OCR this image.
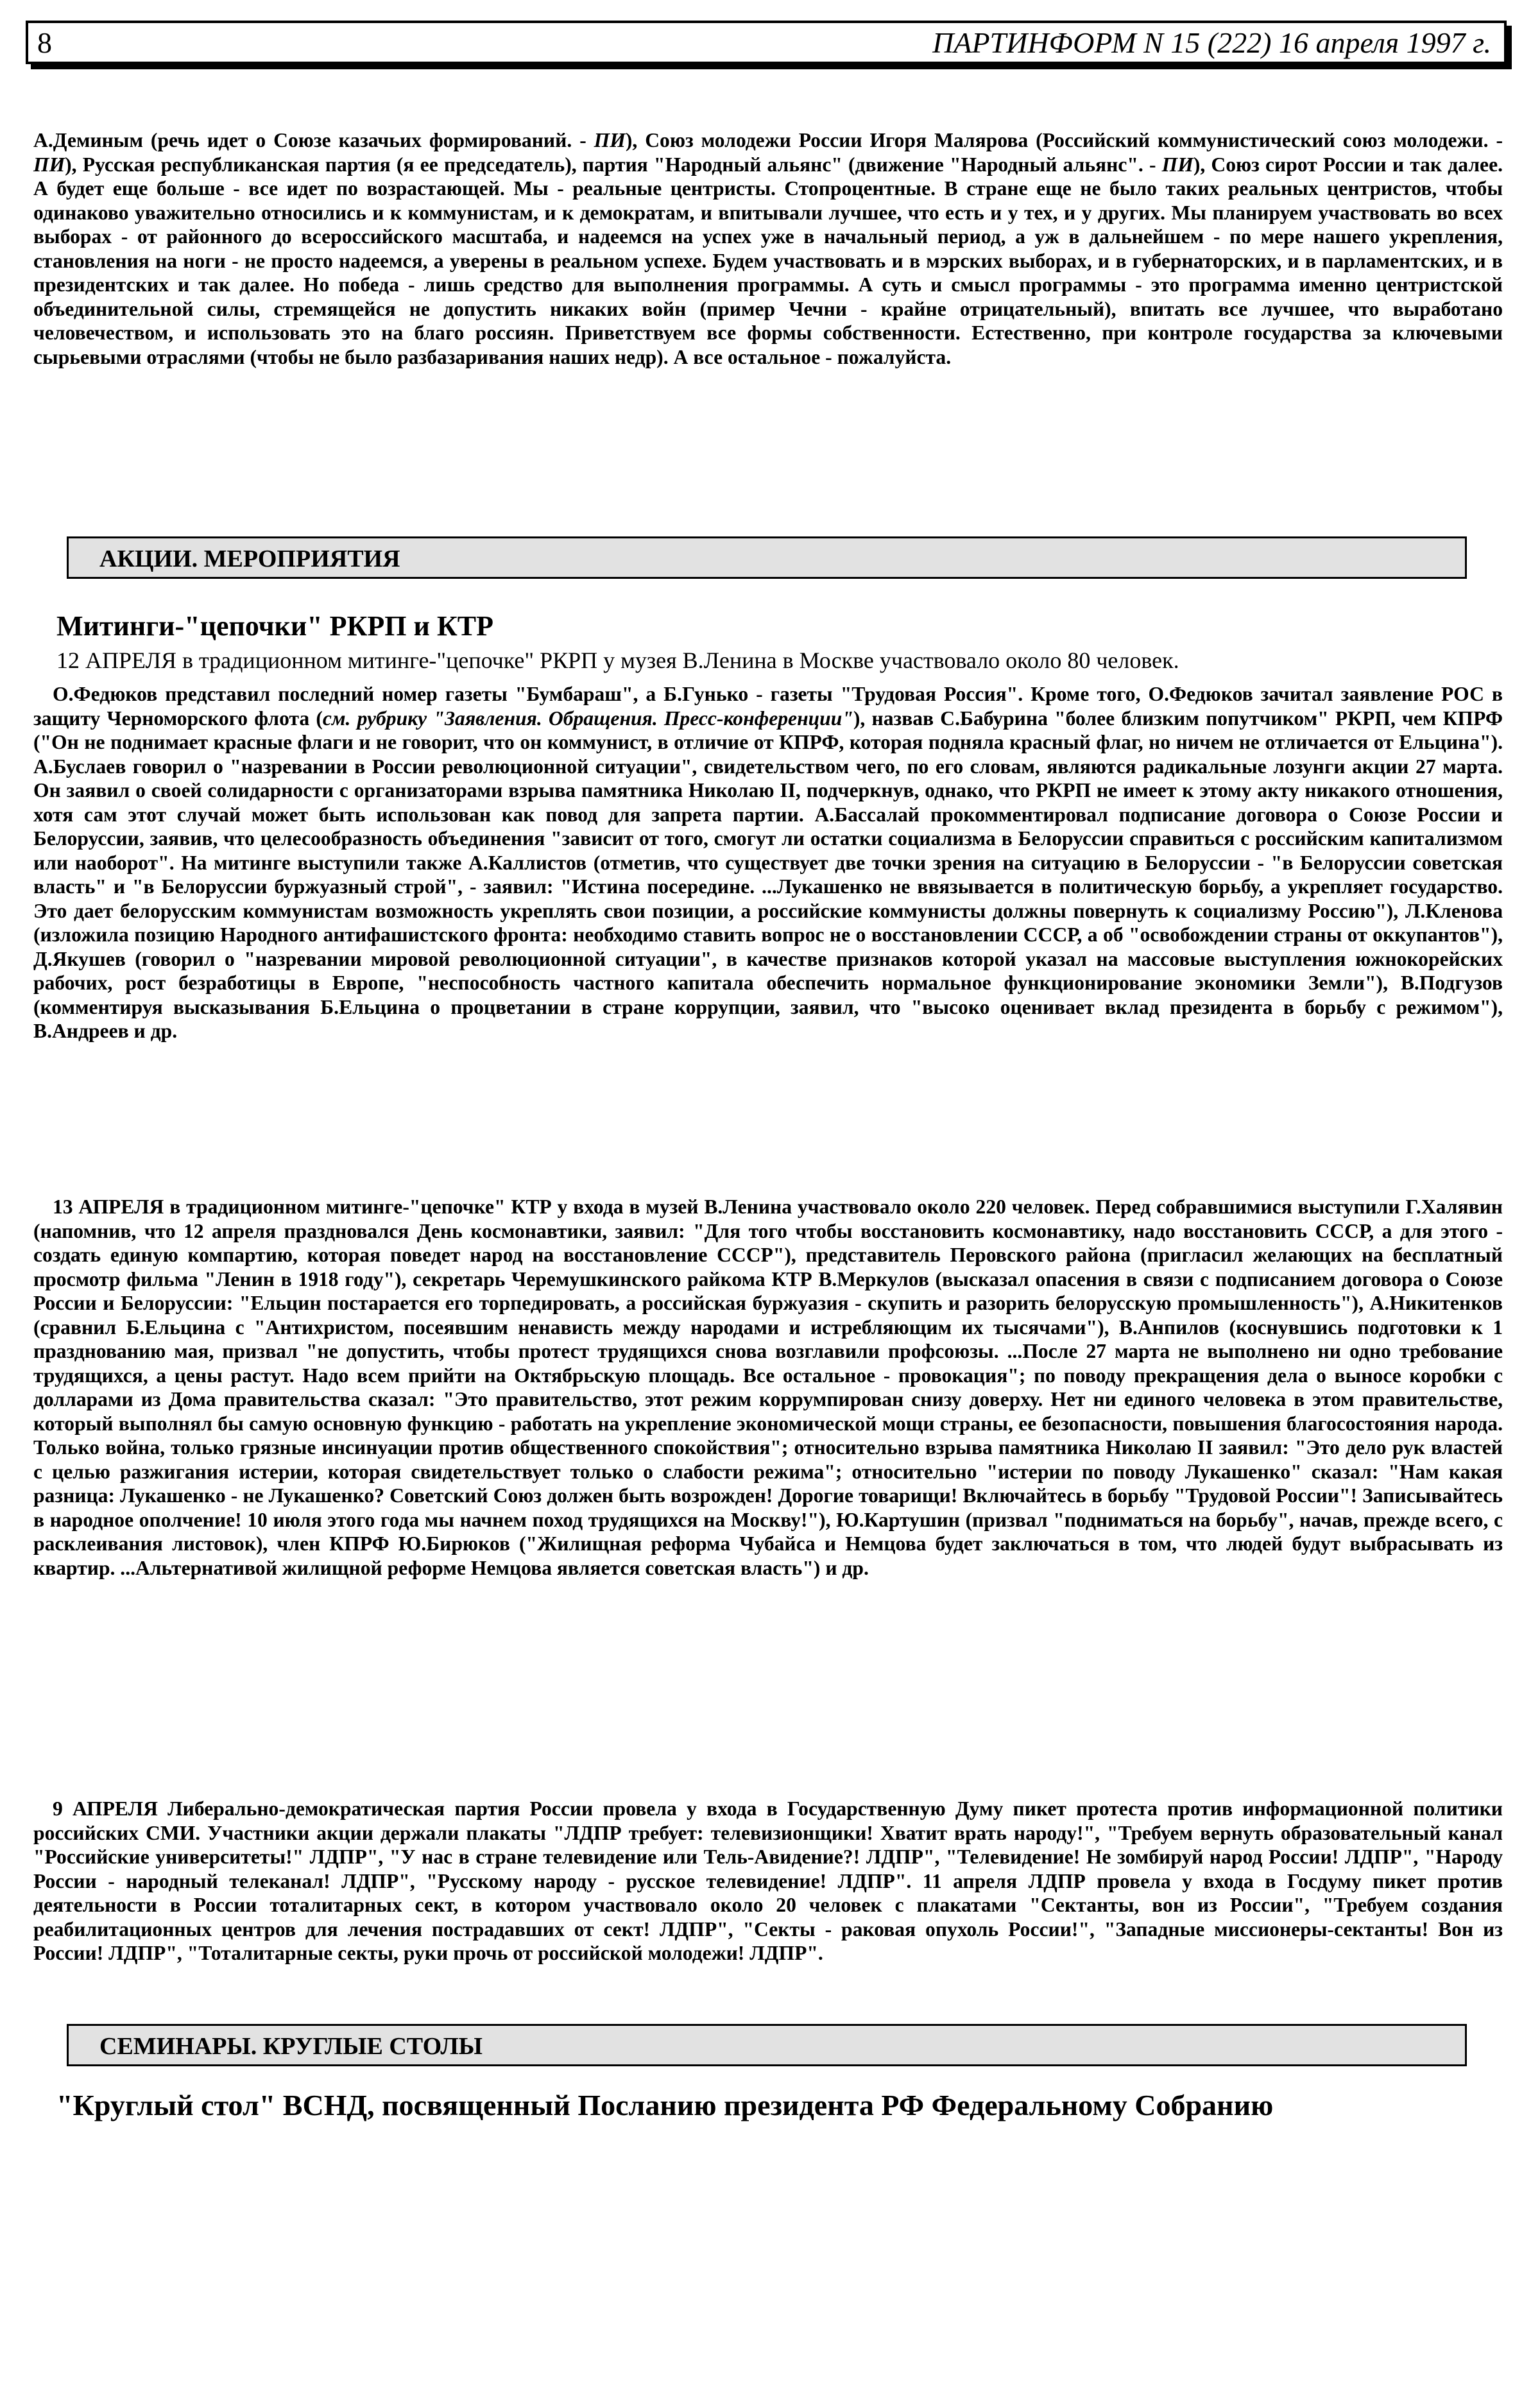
8	ПАРТИНФОРМ N 15 (222) 16 апреля 1997 г.

А.Деминым (речь идет о Союзе казачьих формирований. - ПИ), Союз молодежи России Игоря Малярова (Российский коммунистический союз молодежи. - ПИ), Русская республиканская партия (я ее председатель), партия "Народный альянс" (движение "Народный альянс". - ПИ), Союз сирот России и так далее. А будет еще больше - все идет по возрастающей. Мы - реальные центристы. Стопроцентные. В стране еще не было таких реальных центристов, чтобы одинаково уважительно относились и к коммунистам, и к демократам, и впитывали лучшее, что есть и у тех, и у других. Мы планируем участвовать во всех выборах - от районного до всероссийского масштаба, и надеемся на успех уже в начальный период, а уж в дальнейшем - по мере нашего укрепления, становления на ноги - не просто надеемся, а уверены в реальном успехе. Будем участвовать и в мэрских выборах, и в губернаторских, и в парламентских, и в президентских и так далее. Но победа - лишь средство для выполнения программы. А суть и смысл программы - это программа именно центристской объединительной силы, стремящейся не допустить никаких войн (пример Чечни - крайне отрицательный), впитать все лучшее, что выработано человечеством, и использовать это на благо россиян. Приветствуем все формы собственности. Естественно, при контроле государства за ключевыми сырьевыми отраслями (чтобы не было разбазаривания наших недр). А все остальное - пожалуйста.

АКЦИИ. МЕРОПРИЯТИЯ
Митинги-"цепочки" РКРП и КТР

12 АПРЕЛЯ в традиционном митинге-"цепочке" РКРП у музея В.Ленина в Москве участвовало около 80 человек.

О.Федюков представил последний номер газеты "Бумбараш", а Б.Гунько - газеты "Трудовая Россия". Кроме того, О.Федюков зачитал заявление РОС в защиту Черноморского флота (см. рубрику "Заявления. Обращения. Пресс-конференции"), назвав С.Бабурина "более близким попутчиком" РКРП, чем КПРФ ("Он не поднимает красные флаги и не говорит, что он коммунист, в отличие от КПРФ, которая подняла красный флаг, но ничем не отличается от Ельцина"). А.Буслаев говорил о "назревании в России революционной ситуации", свидетельством чего, по его словам, являются радикальные лозунги акции 27 марта. Он заявил о своей солидарности с организаторами взрыва памятника Николаю II, подчеркнув, однако, что РКРП не имеет к этому акту никакого отношения, хотя сам этот случай может быть использован как повод для запрета партии. А.Бассалай прокомментировал подписание договора о Союзе России и Белоруссии, заявив, что целесообразность объединения "зависит от того, смогут ли остатки социализма в Белоруссии справиться с российским капитализмом или наоборот". На митинге выступили также А.Каллистов (отметив, что существует две точки зрения на ситуацию в Белоруссии - "в Белоруссии советская власть" и "в Белоруссии буржуазный строй", - заявил: "Истина посередине. ...Лукашенко не ввязывается в политическую борьбу, а укрепляет государство. Это дает белорусским коммунистам возможность укреплять свои позиции, а российские коммунисты должны повернуть к социализму Россию"), Л.Кленова (изложила позицию Народного антифашистского фронта: необходимо ставить вопрос не о восстановлении СССР, а об "освобождении страны от оккупантов"), Д.Якушев (говорил о "назревании мировой революционной ситуации", в качестве признаков которой указал на массовые выступления южнокорейских рабочих, рост безработицы в Европе, "неспособность частного капитала обеспечить нормальное функционирование экономики Земли"), В.Подгузов (комментируя высказывания Б.Ельцина о процветании в стране коррупции, заявил, что "высоко оценивает вклад президента в борьбу с режимом"), В.Андреев и др.

13 АПРЕЛЯ в традиционном митинге-"цепочке" КТР у входа в музей В.Ленина участвовало около 220 человек. Перед собравшимися выступили Г.Халявин (напомнив, что 12 апреля праздновался День космонавтики, заявил: "Для того чтобы восстановить космонавтику, надо восстановить СССР, а для этого - создать единую компартию, которая поведет народ на восстановление СССР"), представитель Перовского района (пригласил желающих на бесплатный просмотр фильма "Ленин в 1918 году"), секретарь Черемушкинского райкома КТР В.Меркулов (высказал опасения в связи с подписанием договора о Союзе России и Белоруссии: "Ельцин постарается его торпедировать, а российская буржуазия - скупить и разорить белорусскую промышленность"), А.Никитенков (сравнил Б.Ельцина с "Антихристом, посеявшим ненависть между народами и истребляющим их тысячами"), В.Анпилов (коснувшись подготовки к 1 празднованию мая, призвал "не допустить, чтобы протест трудящихся снова возглавили профсоюзы. ...После 27 марта не выполнено ни одно требование трудящихся, а цены растут. Надо всем прийти на Октябрьскую площадь. Все остальное - провокация"; по поводу прекращения дела о выносе коробки с долларами из Дома правительства сказал: "Это правительство, этот режим коррумпирован снизу доверху. Нет ни единого человека в этом правительстве, который выполнял бы самую основную функцию - работать на укрепление экономической мощи страны, ее безопасности, повышения благосостояния народа. Только война, только грязные инсинуации против общественного спокойствия"; относительно взрыва памятника Николаю II заявил: "Это дело рук властей с целью разжигания истерии, которая свидетельствует только о слабости режима"; относительно "истерии по поводу Лукашенко" сказал: "Нам какая разница: Лукашенко - не Лукашенко? Советский Союз должен быть возрожден! Дорогие товарищи! Включайтесь в борьбу "Трудовой России"! Записывайтесь в народное ополчение! 10 июля этого года мы начнем поход трудящихся на Москву!"), Ю.Картушин (призвал "подниматься на борьбу", начав, прежде всего, с расклеивания листовок), член КПРФ Ю.Бирюков ("Жилищная реформа Чубайса и Немцова будет заключаться в том, что людей будут выбрасывать из квартир. ...Альтернативой жилищной реформе Немцова является советская власть") и др.

9 АПРЕЛЯ Либерально-демократическая партия России провела у входа в Государственную Думу пикет протеста против информационной политики российских СМИ. Участники акции держали плакаты "ЛДПР требует: телевизионщики! Хватит врать народу!", "Требуем вернуть образовательный канал "Российские университеты!" ЛДПР", "У нас в стране телевидение или Тель-Авидение?! ЛДПР", "Телевидение! Не зомбируй народ России! ЛДПР", "Народу России - народный телеканал! ЛДПР", "Русскому народу - русское телевидение! ЛДПР". 11 апреля ЛДПР провела у входа в Госдуму пикет против деятельности в России тоталитарных сект, в котором участвовало около 20 человек с плакатами "Сектанты, вон из России", "Требуем создания реабилитационных центров для лечения пострадавших от сект! ЛДПР", "Секты - раковая опухоль России!", "Западные миссионеры-сектанты! Вон из России! ЛДПР", "Тоталитарные секты, руки прочь от российской молодежи! ЛДПР".

СЕМИНАРЫ. КРУГЛЫЕ СТОЛЫ
"Круглый стол" ВСНД, посвященный Посланию президента РФ Федеральному Собранию
